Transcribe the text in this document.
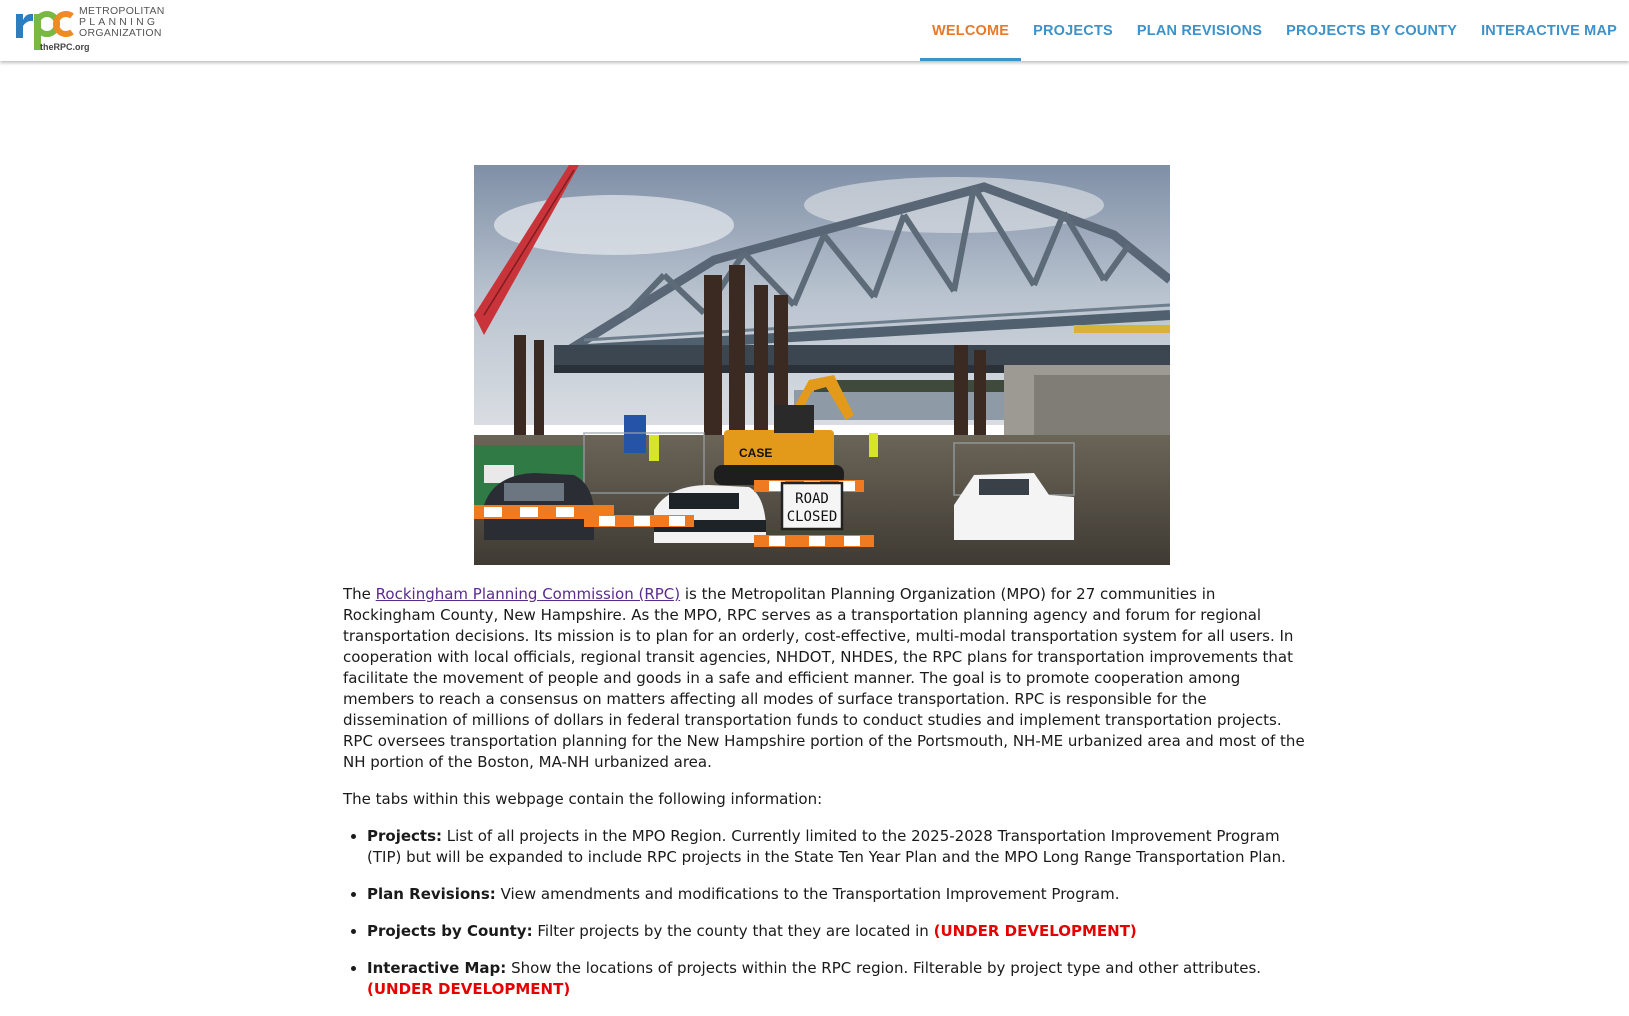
METROPOLITAN
PLANNING
ORGANIZATION
theRPC.org
WELCOME	PROJECTS	PLAN REVISIONS	PROJECTS BY COUNTY	INTERACTIVE MAP
CASE
ROAD
CLOSED

The Rockingham Planning Commission (RPC) is the Metropolitan Planning Organization (MPO) for 27 communities in Rockingham County, New Hampshire. As the MPO, RPC serves as a transportation planning agency and forum for regional transportation decisions. Its mission is to plan for an orderly, cost-effective, multi-modal transportation system for all users. In cooperation with local officials, regional transit agencies, NHDOT, NHDES, the RPC plans for transportation improvements that facilitate the movement of people and goods in a safe and efficient manner. The goal is to promote cooperation among members to reach a consensus on matters affecting all modes of surface transportation. RPC is responsible for the dissemination of millions of dollars in federal transportation funds to conduct studies and implement transportation projects. RPC oversees transportation planning for the New Hampshire portion of the Portsmouth, NH-ME urbanized area and most of the NH portion of the Boston, MA-NH urbanized area.

The tabs within this webpage contain the following information:

• Projects: List of all projects in the MPO Region. Currently limited to the 2025-2028 Transportation Improvement Program (TIP) but will be expanded to include RPC projects in the State Ten Year Plan and the MPO Long Range Transportation Plan.
• Plan Revisions: View amendments and modifications to the Transportation Improvement Program.
• Projects by County: Filter projects by the county that they are located in (UNDER DEVELOPMENT)
• Interactive Map: Show the locations of projects within the RPC region. Filterable by project type and other attributes. (UNDER DEVELOPMENT)
